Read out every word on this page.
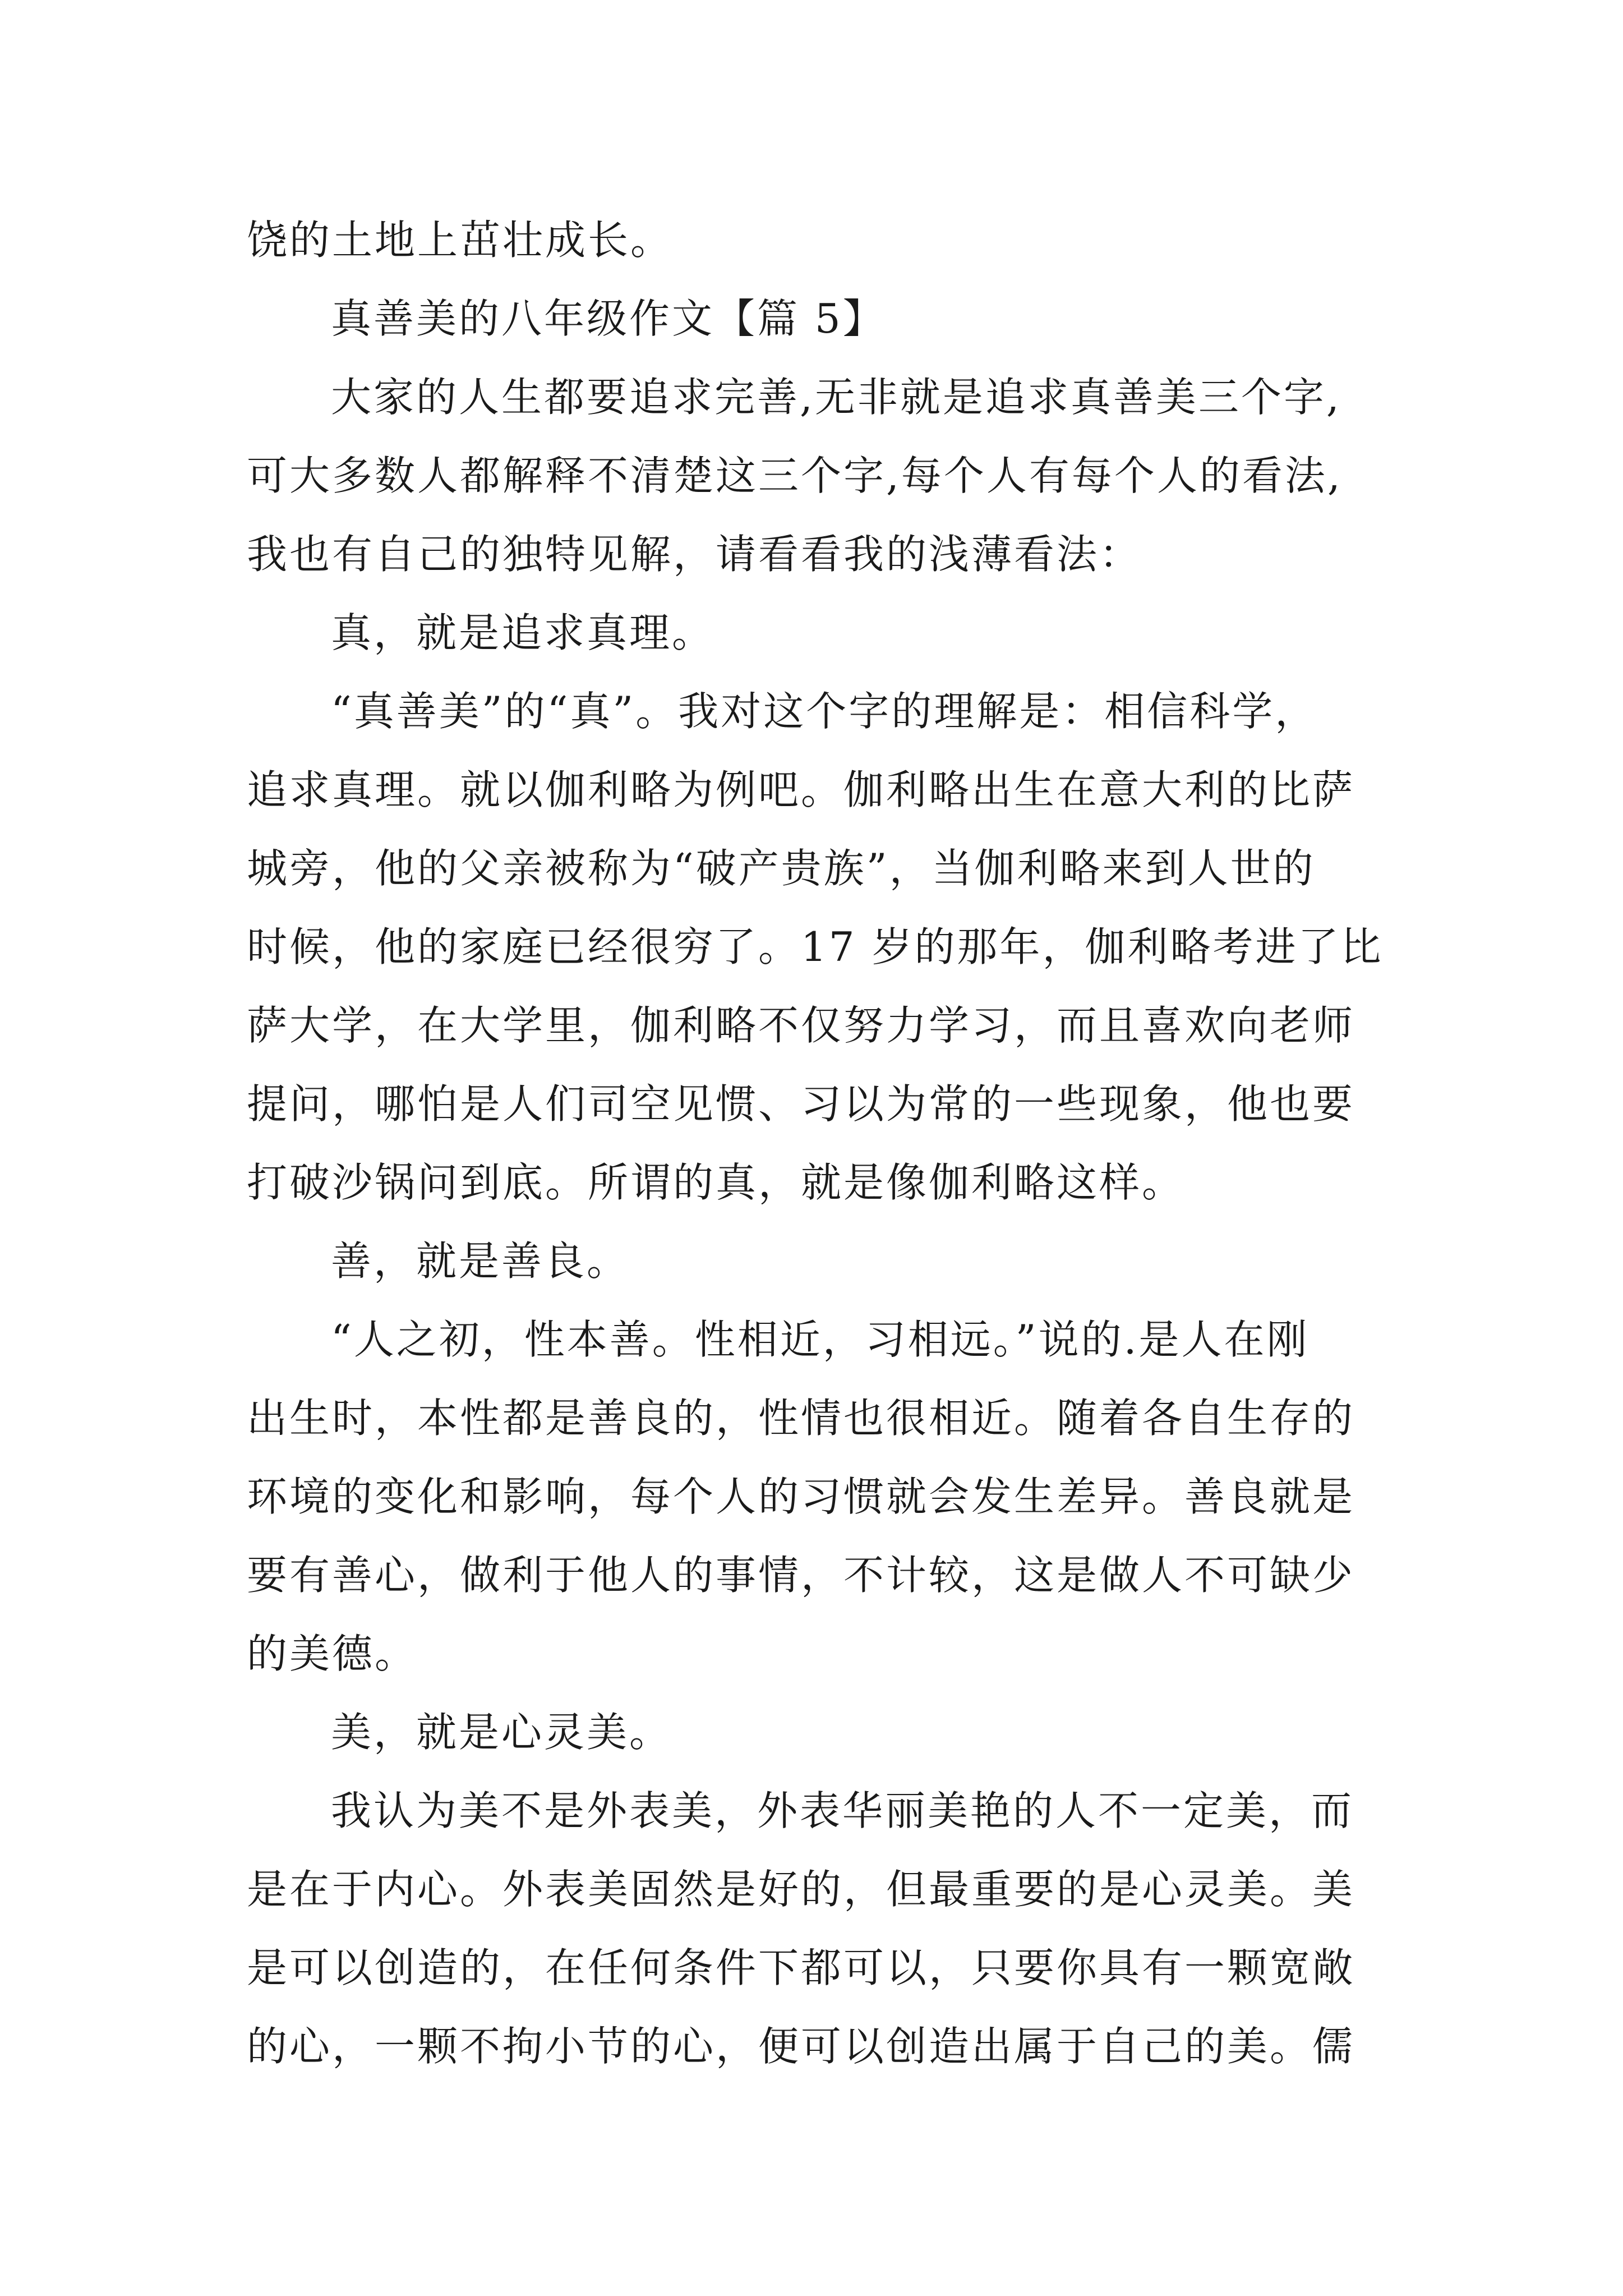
饶的土地上茁壮成长。
真善美的八年级作文【篇 5】
大家的人生都要追求完善,无非就是追求真善美三个字,
可大多数人都解释不清楚这三个字,每个人有每个人的看法,
我也有自己的独特见解，请看看我的浅薄看法：
真，就是追求真理。
“真善美”的“真”。我对这个字的理解是：相信科学，
追求真理。就以伽利略为例吧。伽利略出生在意大利的比萨
城旁，他的父亲被称为“破产贵族”，当伽利略来到人世的
时候，他的家庭已经很穷了。17 岁的那年，伽利略考进了比
萨大学，在大学里，伽利略不仅努力学习，而且喜欢向老师
提问，哪怕是人们司空见惯、习以为常的一些现象，他也要
打破沙锅问到底。所谓的真，就是像伽利略这样。
善，就是善良。
“人之初，性本善。性相近，习相远。”说的.是人在刚
出生时，本性都是善良的，性情也很相近。随着各自生存的
环境的变化和影响，每个人的习惯就会发生差异。善良就是
要有善心，做利于他人的事情，不计较，这是做人不可缺少
的美德。
美，就是心灵美。
我认为美不是外表美，外表华丽美艳的人不一定美，而
是在于内心。外表美固然是好的，但最重要的是心灵美。美
是可以创造的，在任何条件下都可以，只要你具有一颗宽敞
的心，一颗不拘小节的心，便可以创造出属于自己的美。儒
